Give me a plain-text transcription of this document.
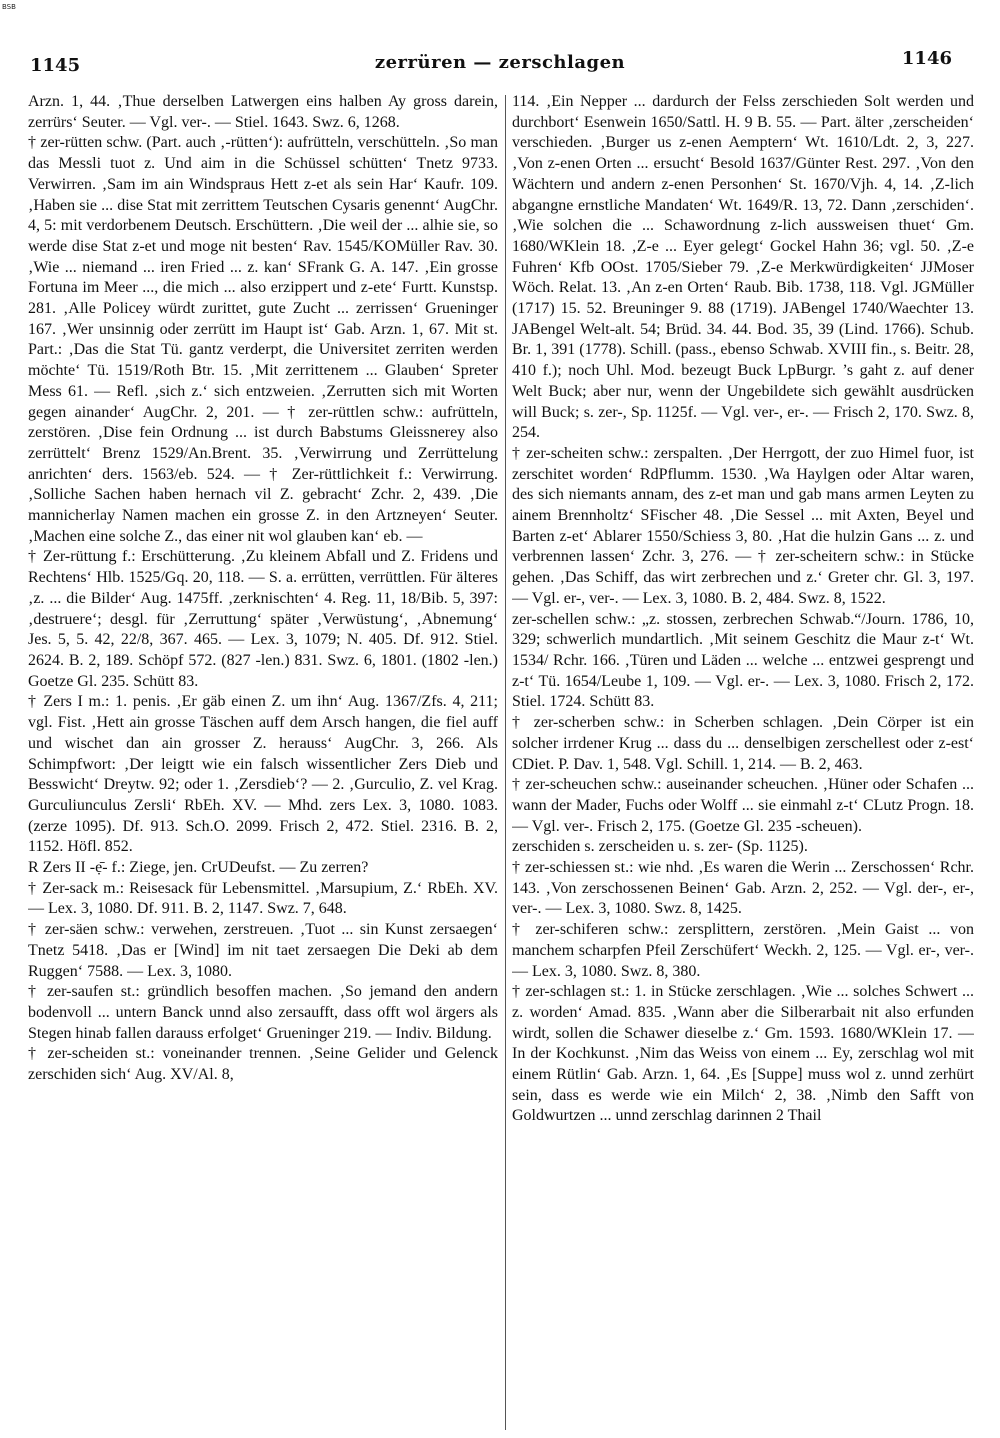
BSB
1145	zerrüren — zerschlagen	1146

Arzn. 1, 44. ‚Thue derselben Latwergen eins halben Ay gross darein, zerrürs‘ Seuter. — Vgl. ver-. — Stiel. 1643. Swz. 6, 1268.

† zer-rütten schw. (Part. auch ‚-rütten‘): aufrütteln, verschütteln. ‚So man das Messli tuot z. Und aim in die Schüssel schütten‘ Tnetz 9733. Verwirren. ‚Sam im ain Windspraus Hett z-et als sein Har‘ Kaufr. 109. ‚Haben sie ... dise Stat mit zerrittem Teutschen Cysaris genennt‘ AugChr. 4, 5: mit verdorbenem Deutsch. Erschüttern. ‚Die weil der ... alhie sie, so werde dise Stat z-et und moge nit besten‘ Rav. 1545/KOMüller Rav. 30. ‚Wie ... niemand ... iren Fried ... z. kan‘ SFrank G. A. 147. ‚Ein grosse Fortuna im Meer ..., die mich ... also erzippert und z-ete‘ Furtt. Kunstsp. 281. ‚Alle Policey würdt zurittet, gute Zucht ... zerrissen‘ Grueninger 167. ‚Wer unsinnig oder zerrütt im Haupt ist‘ Gab. Arzn. 1, 67. Mit st. Part.: ‚Das die Stat Tü. gantz verderpt, die Universitet zerriten werden möchte‘ Tü. 1519/Roth Btr. 15. ‚Mit zerrittenem ... Glauben‘ Spreter Mess 61. — Refl. ‚sich z.‘ sich entzweien. ‚Zerrutten sich mit Worten gegen ainander‘ AugChr. 2, 201. — † zer-rüttlen schw.: aufrütteln, zerstören. ‚Dise fein Ordnung ... ist durch Babstums Gleissnerey also zerrüttelt‘ Brenz 1529/An.Brent. 35. ‚Verwirrung und Zerrüttelung anrichten‘ ders. 1563/eb. 524. — † Zer-rüttlichkeit f.: Verwirrung. ‚Solliche Sachen haben hernach vil Z. gebracht‘ Zchr. 2, 439. ‚Die mannicherlay Namen machen ein grosse Z. in den Artzneyen‘ Seuter. ‚Machen eine solche Z., das einer nit wol glauben kan‘ eb. —

† Zer-rüttung f.: Erschütterung. ‚Zu kleinem Abfall und Z. Fridens und Rechtens‘ Hlb. 1525/Gq. 20, 118. — S. a. errütten, verrüttlen. Für älteres ‚z. ... die Bilder‘ Aug. 1475ff. ‚zerknischten‘ 4. Reg. 11, 18/Bib. 5, 397: ‚destruere‘; desgl. für ‚Zerruttung‘ später ‚Verwüstung‘, ‚Abnemung‘ Jes. 5, 5. 42, 22/8, 367. 465. — Lex. 3, 1079; N. 405. Df. 912. Stiel. 2624. B. 2, 189. Schöpf 572. (827 -len.) 831. Swz. 6, 1801. (1802 -len.) Goetze Gl. 235. Schütt 83.

† Zers I m.: 1. penis. ‚Er gäb einen Z. um ihn‘ Aug. 1367/Zfs. 4, 211; vgl. Fist. ‚Hett ain grosse Täschen auff dem Arsch hangen, die fiel auff und wischet dan ain grosser Z. herauss‘ AugChr. 3, 266. Als Schimpfwort: ‚Der leigtt wie ein falsch wissentlicher Zers Dieb und Besswicht‘ Dreytw. 92; oder 1. ‚Zersdieb‘? — 2. ‚Gurculio, Z. vel Krag. Gurculiunculus Zersli‘ RbEh. XV. — Mhd. zers Lex. 3, 1080. 1083. (zerze 1095). Df. 913. Sch.O. 2099. Frisch 2, 472. Stiel. 2316. B. 2, 1152. Höfl. 852.

R Zers II -ẹ̄- f.: Ziege, jen. CrUDeufst. — Zu zerren?

† Zer-sack m.: Reisesack für Lebensmittel. ‚Marsupium, Z.‘ RbEh. XV. — Lex. 3, 1080. Df. 911. B. 2, 1147. Swz. 7, 648.

† zer-säen schw.: verwehen, zerstreuen. ‚Tuot ... sin Kunst zersaegen‘ Tnetz 5418. ‚Das er [Wind] im nit taet zersaegen Die Deki ab dem Ruggen‘ 7588. — Lex. 3, 1080.

† zer-saufen st.: gründlich besoffen machen. ‚So jemand den andern bodenvoll ... untern Banck unnd also zersaufft, dass offt wol ärgers als Stegen hinab fallen darauss erfolget‘ Grueninger 219. — Indiv. Bildung.

† zer-scheiden st.: voneinander trennen. ‚Seine Gelider und Gelenck zerschiden sich‘ Aug. XV/Al. 8,

114. ‚Ein Nepper ... dardurch der Felss zerschieden Solt werden und durchbort‘ Esenwein 1650/Sattl. H. 9 B. 55. — Part. älter ‚zerscheiden‘ verschieden. ‚Burger us z-enen Aemptern‘ Wt. 1610/Ldt. 2, 3, 227. ‚Von z-enen Orten ... ersucht‘ Besold 1637/Günter Rest. 297. ‚Von den Wächtern und andern z-enen Personhen‘ St. 1670/Vjh. 4, 14. ‚Z-lich abgangne ernstliche Mandaten‘ Wt. 1649/R. 13, 72. Dann ‚zerschiden‘. ‚Wie solchen die ... Schawordnung z-lich aussweisen thuet‘ Gm. 1680/WKlein 18. ‚Z-e ... Eyer gelegt‘ Gockel Hahn 36; vgl. 50. ‚Z-e Fuhren‘ Kfb OOst. 1705/Sieber 79. ‚Z-e Merkwürdigkeiten‘ JJMoser Wöch. Relat. 13. ‚An z-en Orten‘ Raub. Bib. 1738, 118. Vgl. JGMüller (1717) 15. 52. Breuninger 9. 88 (1719). JABengel 1740/Waechter 13. JABengel Welt-alt. 54; Brüd. 34. 44. Bod. 35, 39 (Lind. 1766). Schub. Br. 1, 391 (1778). Schill. (pass., ebenso Schwab. XVIII fin., s. Beitr. 28, 410 f.); noch Uhl. Mod. bezeugt Buck LpBurgr. ’s gaht z. auf dener Welt Buck; aber nur, wenn der Ungebildete sich gewählt ausdrücken will Buck; s. zer-, Sp. 1125f. — Vgl. ver-, er-. — Frisch 2, 170. Swz. 8, 254.

† zer-scheiten schw.: zerspalten. ‚Der Herrgott, der zuo Himel fuor, ist zerschitet worden‘ RdPflumm. 1530. ‚Wa Haylgen oder Altar waren, des sich niemants annam, des z-et man und gab mans armen Leyten zu ainem Brennholtz‘ SFischer 48. ‚Die Sessel ... mit Axten, Beyel und Barten z-et‘ Ablarer 1550/Schiess 3, 80. ‚Hat die hulzin Gans ... z. und verbrennen lassen‘ Zchr. 3, 276. — † zer-scheitern schw.: in Stücke gehen. ‚Das Schiff, das wirt zerbrechen und z.‘ Greter chr. Gl. 3, 197. — Vgl. er-, ver-. — Lex. 3, 1080. B. 2, 484. Swz. 8, 1522.

zer-schellen schw.: „z. stossen, zerbrechen Schwab.“/Journ. 1786, 10, 329; schwerlich mundartlich. ‚Mit seinem Geschitz die Maur z-t‘ Wt. 1534/ Rchr. 166. ‚Türen und Läden ... welche ... entzwei gesprengt und z-t‘ Tü. 1654/Leube 1, 109. — Vgl. er-. — Lex. 3, 1080. Frisch 2, 172. Stiel. 1724. Schütt 83.

† zer-scherben schw.: in Scherben schlagen. ‚Dein Cörper ist ein solcher irrdener Krug ... dass du ... denselbigen zerschellest oder z-est‘ CDiet. P. Dav. 1, 548. Vgl. Schill. 1, 214. — B. 2, 463.

† zer-scheuchen schw.: auseinander scheuchen. ‚Hüner oder Schafen ... wann der Mader, Fuchs oder Wolff ... sie einmahl z-t‘ CLutz Progn. 18. — Vgl. ver-. Frisch 2, 175. (Goetze Gl. 235 -scheuen).

zerschiden s. zerscheiden u. s. zer- (Sp. 1125).

† zer-schiessen st.: wie nhd. ‚Es waren die Werin ... Zerschossen‘ Rchr. 143. ‚Von zerschossenen Beinen‘ Gab. Arzn. 2, 252. — Vgl. der-, er-, ver-. — Lex. 3, 1080. Swz. 8, 1425.

† zer-schiferen schw.: zersplittern, zerstören. ‚Mein Gaist ... von manchem scharpfen Pfeil Zerschüfert‘ Weckh. 2, 125. — Vgl. er-, ver-. — Lex. 3, 1080. Swz. 8, 380.

† zer-schlagen st.: 1. in Stücke zerschlagen. ‚Wie ... solches Schwert ... z. worden‘ Amad. 835. ‚Wann aber die Silberarbait nit also erfunden wirdt, sollen die Schawer dieselbe z.‘ Gm. 1593. 1680/WKlein 17. — In der Kochkunst. ‚Nim das Weiss von einem ... Ey, zerschlag wol mit einem Rütlin‘ Gab. Arzn. 1, 64. ‚Es [Suppe] muss wol z. unnd zerhürt sein, dass es werde wie ein Milch‘ 2, 38. ‚Nimb den Safft von Goldwurtzen ... unnd zerschlag darinnen 2 Thail
